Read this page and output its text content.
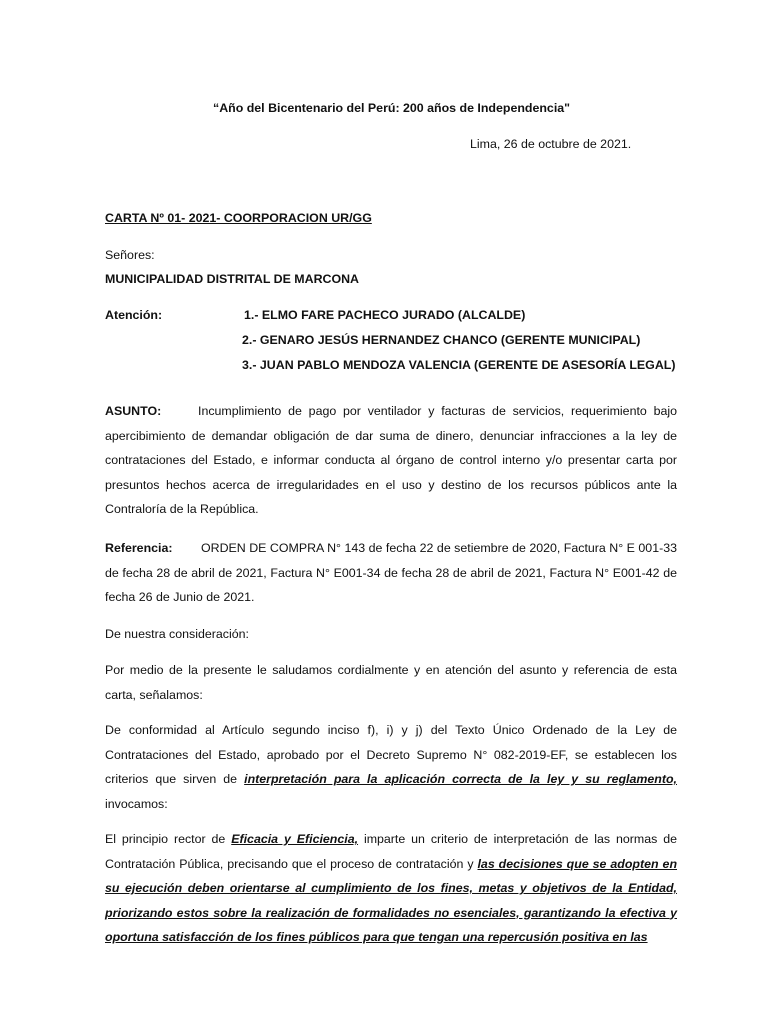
“Año del Bicentenario del Perú: 200 años de Independencia"
Lima, 26 de octubre de 2021.
CARTA Nº 01- 2021- COORPORACION UR/GG
Señores:
MUNICIPALIDAD DISTRITAL DE MARCONA
Atención:	1.- ELMO FARE PACHECO JURADO (ALCALDE)
2.- GENARO JESÚS HERNANDEZ CHANCO (GERENTE MUNICIPAL)
3.- JUAN PABLO MENDOZA VALENCIA (GERENTE DE ASESORÍA LEGAL)
ASUNTO:	Incumplimiento de pago por ventilador y facturas de servicios, requerimiento bajo apercibimiento de demandar obligación de dar suma de dinero, denunciar infracciones a la ley de contrataciones del Estado, e informar conducta al órgano de control interno y/o presentar carta por presuntos hechos acerca de irregularidades en el uso y destino de los recursos públicos ante la Contraloría de la República.
Referencia: ORDEN DE COMPRA N° 143 de fecha 22 de setiembre de 2020, Factura N° E 001-33 de fecha 28 de abril de 2021, Factura N° E001-34 de fecha 28 de abril de 2021, Factura N° E001-42 de fecha 26 de Junio de 2021.
De nuestra consideración:
Por medio de la presente le saludamos cordialmente y en atención del asunto y referencia de esta carta, señalamos:
De conformidad al Artículo segundo inciso f), i) y j) del Texto Único Ordenado de la Ley de Contrataciones del Estado, aprobado por el Decreto Supremo N° 082-2019-EF, se establecen los criterios que sirven de interpretación para la aplicación correcta de la ley y su reglamento, invocamos:
El principio rector de Eficacia y Eficiencia, imparte un criterio de interpretación de las normas de Contratación Pública, precisando que el proceso de contratación y las decisiones que se adopten en su ejecución deben orientarse al cumplimiento de los fines, metas y objetivos de la Entidad, priorizando estos sobre la realización de formalidades no esenciales, garantizando la efectiva y oportuna satisfacción de los fines públicos para que tengan una repercusión positiva en las
